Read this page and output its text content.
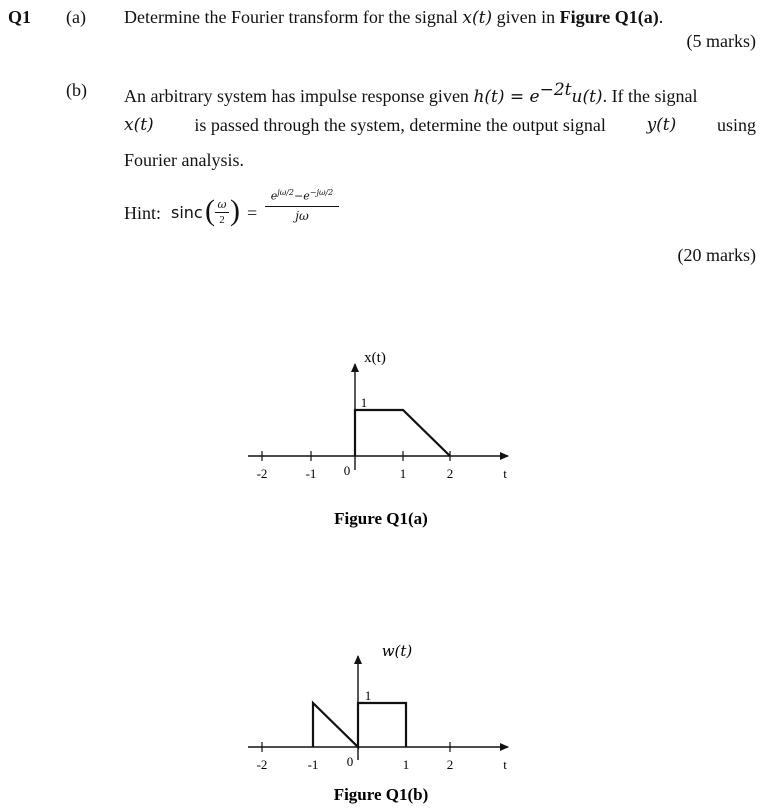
Q1 (a) Determine the Fourier transform for the signal x(t) given in Figure Q1(a).
(5 marks)
(b) An arbitrary system has impulse response given $h(t) = e^{-2t}u(t)$. If the signal
x(t) is passed through the system, determine the output signal y(t) using
Fourier analysis.
Hint: sinc ( ω
2 ) =
$e^{j\omega/2}-e^{-j\omega/2}$
jω
(20 marks)
-2	-1 0	1	2	t
1
x(t)
Figure Q1(a)
-2	-1 0	1	2	t
1
w(t)
Figure Q1(b)
